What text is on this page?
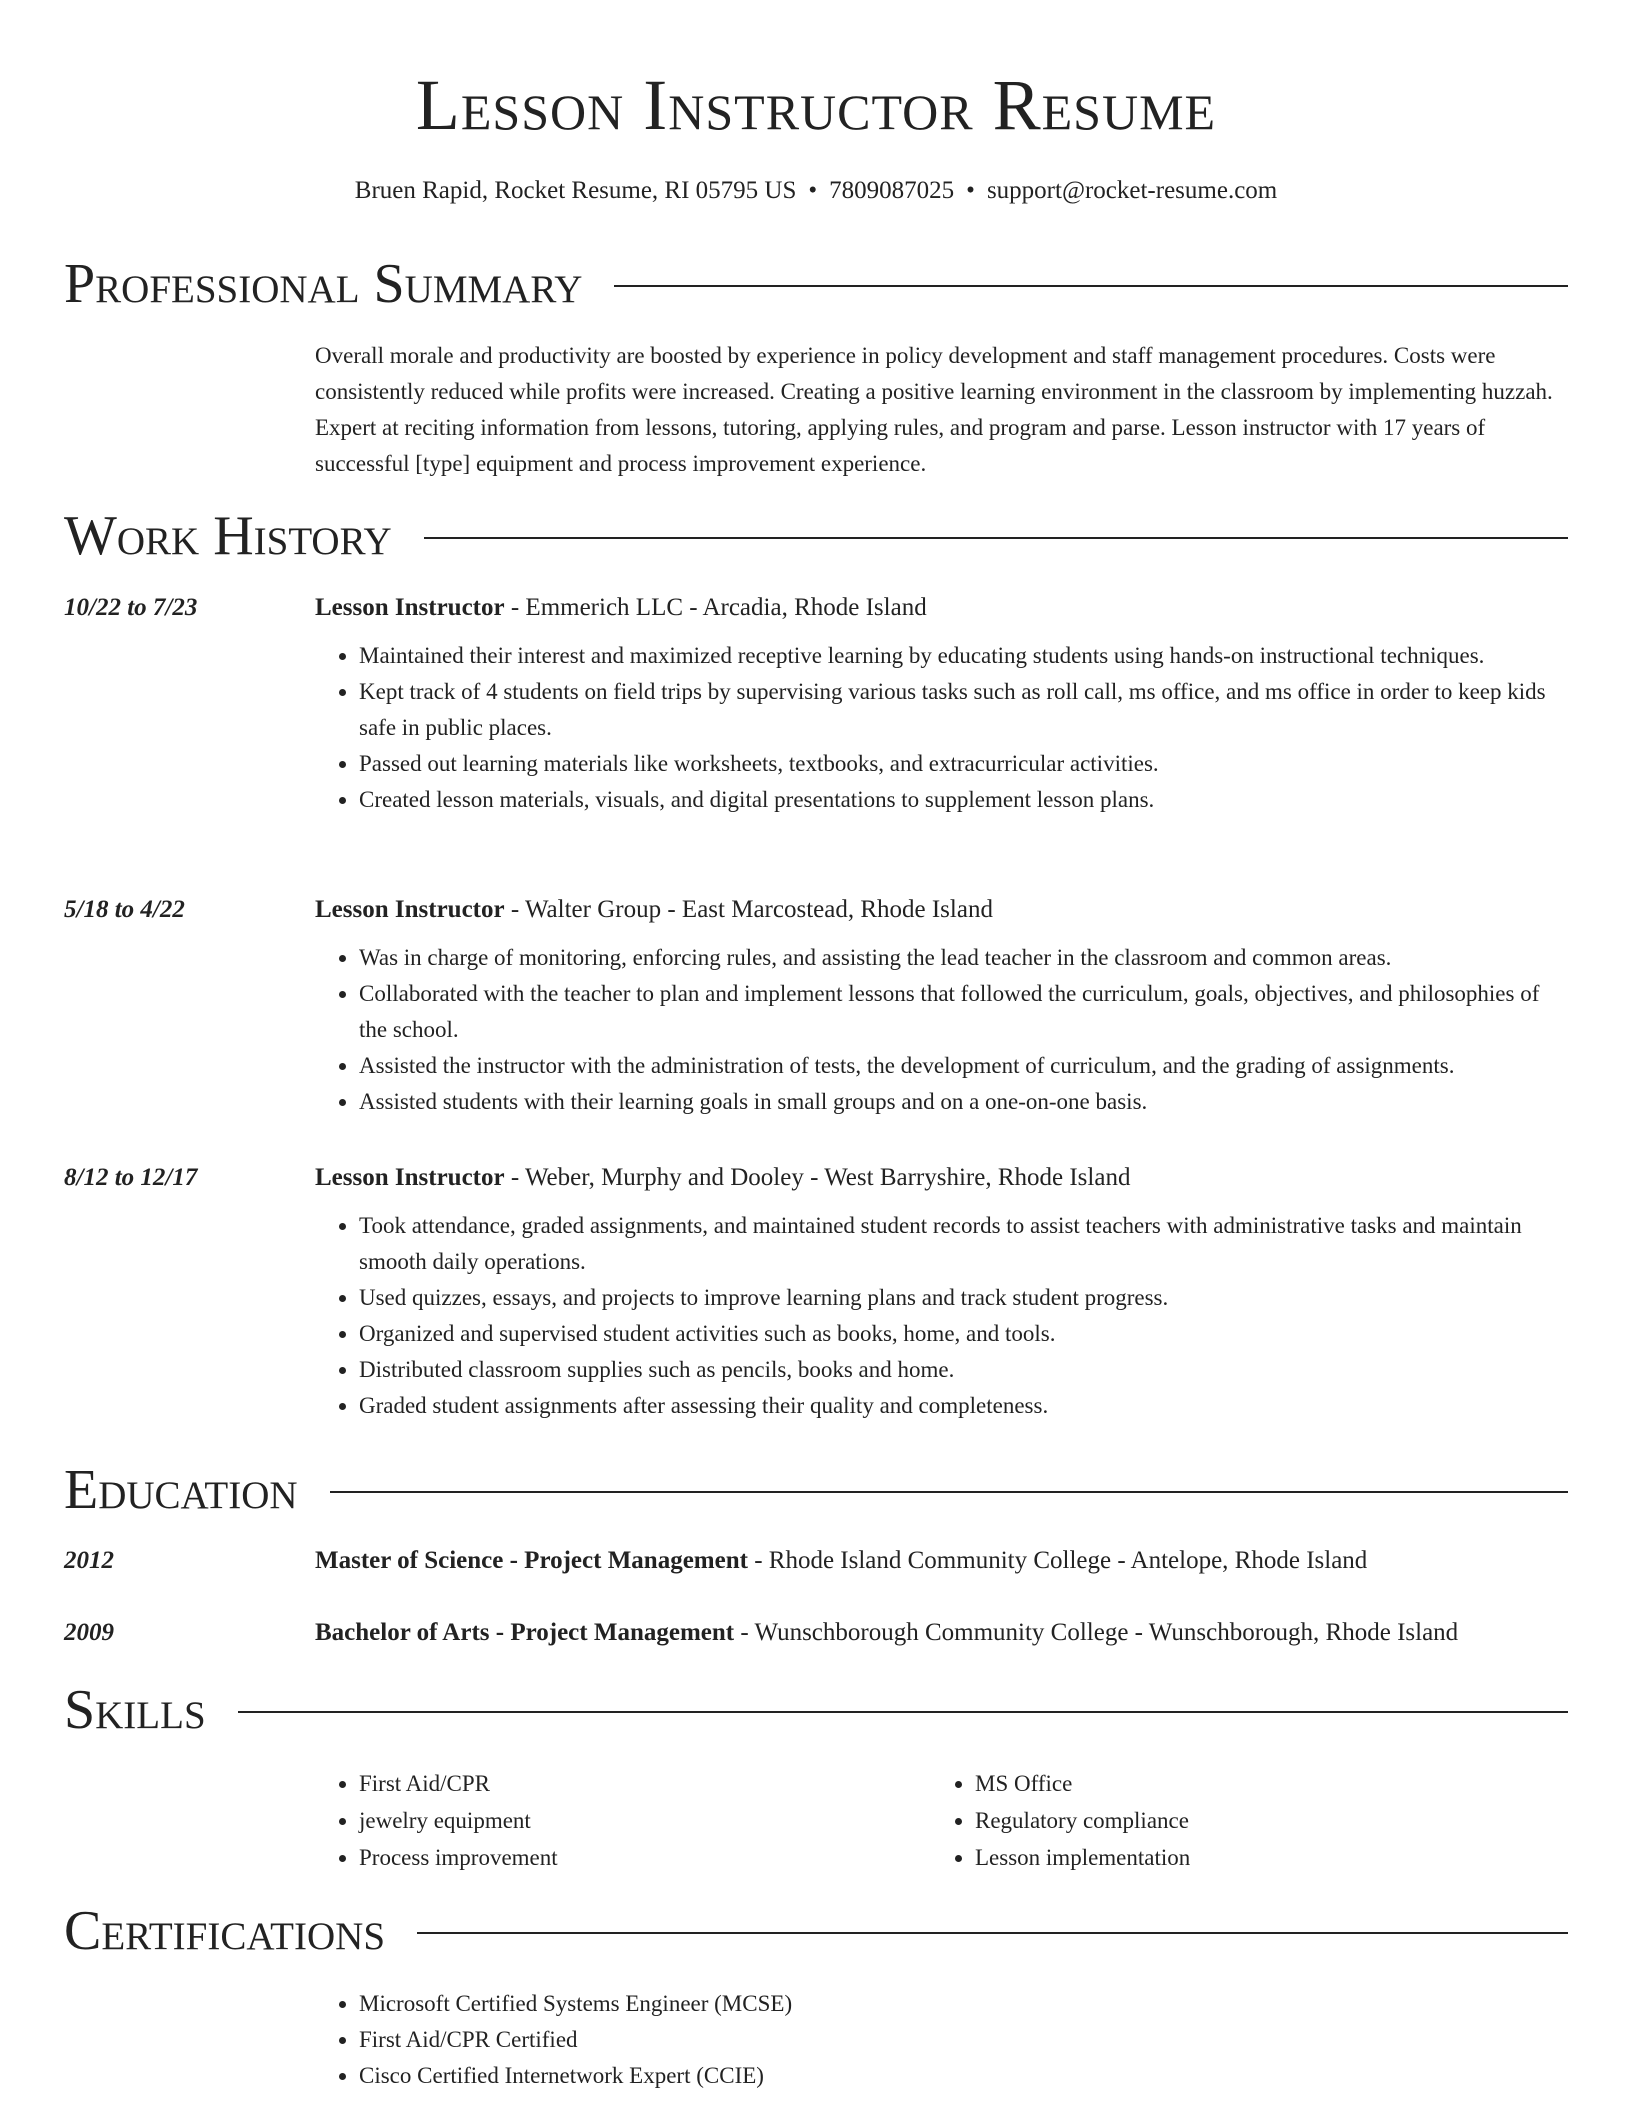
Lesson Instructor Resume
Bruen Rapid, Rocket Resume, RI 05795 US • 7809087025 • support@rocket-resume.com
Professional Summary

Overall morale and productivity are boosted by experience in policy development and staff management procedures. Costs were consistently reduced while profits were increased. Creating a positive learning environment in the classroom by implementing huzzah. Expert at reciting information from lessons, tutoring, applying rules, and program and parse. Lesson instructor with 17 years of successful [type] equipment and process improvement experience.

Work History
10/22 to 7/23	Lesson Instructor - Emmerich LLC - Arcadia, Rhode Island
• Maintained their interest and maximized receptive learning by educating students using hands-on instructional techniques.
• Kept track of 4 students on field trips by supervising various tasks such as roll call, ms office, and ms office in order to keep kids safe in public places.
• Passed out learning materials like worksheets, textbooks, and extracurricular activities.
• Created lesson materials, visuals, and digital presentations to supplement lesson plans.
5/18 to 4/22	Lesson Instructor - Walter Group - East Marcostead, Rhode Island
• Was in charge of monitoring, enforcing rules, and assisting the lead teacher in the classroom and common areas.
• Collaborated with the teacher to plan and implement lessons that followed the curriculum, goals, objectives, and philosophies of the school.
• Assisted the instructor with the administration of tests, the development of curriculum, and the grading of assignments.
• Assisted students with their learning goals in small groups and on a one-on-one basis.
8/12 to 12/17	Lesson Instructor - Weber, Murphy and Dooley - West Barryshire, Rhode Island
• Took attendance, graded assignments, and maintained student records to assist teachers with administrative tasks and maintain smooth daily operations.
• Used quizzes, essays, and projects to improve learning plans and track student progress.
• Organized and supervised student activities such as books, home, and tools.
• Distributed classroom supplies such as pencils, books and home.
• Graded student assignments after assessing their quality and completeness.
Education
2012	Master of Science - Project Management - Rhode Island Community College - Antelope, Rhode Island
2009	Bachelor of Arts - Project Management - Wunschborough Community College - Wunschborough, Rhode Island
Skills
• First Aid/CPR
• jewelry equipment
• Process improvement
• MS Office
• Regulatory compliance
• Lesson implementation
Certifications
• Microsoft Certified Systems Engineer (MCSE)
• First Aid/CPR Certified
• Cisco Certified Internetwork Expert (CCIE)
